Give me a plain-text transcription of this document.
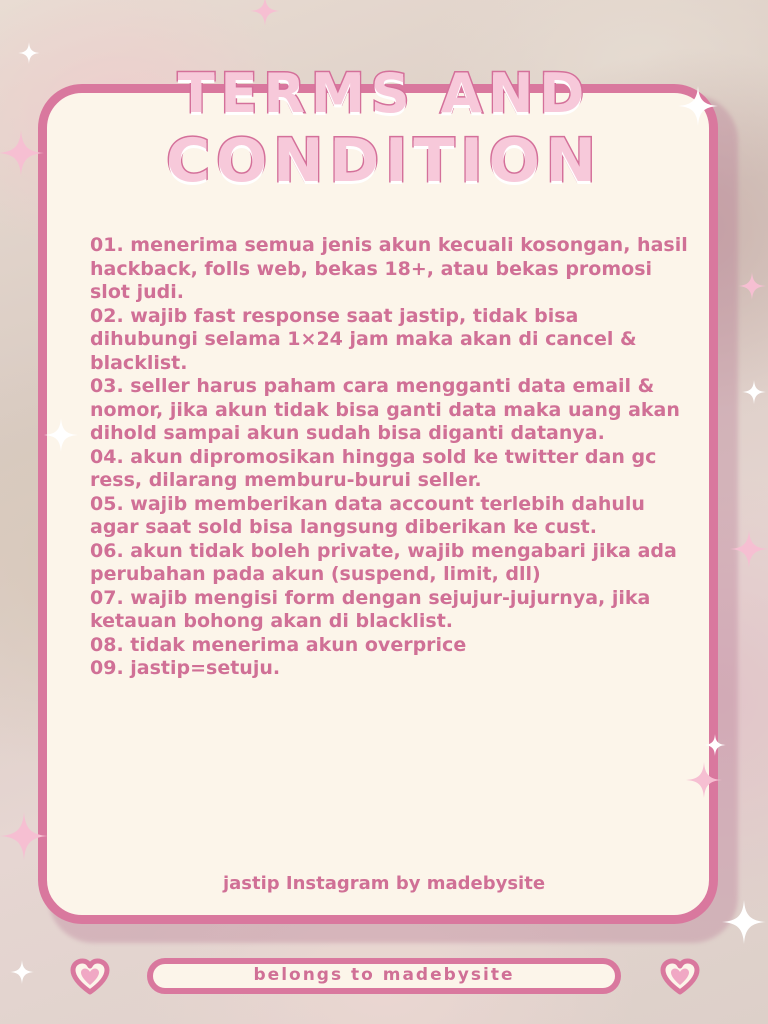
TERMS AND
CONDITION
01. menerima semua jenis akun kecuali kosongan, hasil hackback, folls web, bekas 18+, atau bekas promosi slot judi.
02. wajib fast response saat jastip, tidak bisa dihubungi selama 1×24 jam maka akan di cancel & blacklist.
03. seller harus paham cara mengganti data email & nomor, jika akun tidak bisa ganti data maka uang akan dihold sampai akun sudah bisa diganti datanya.
04. akun dipromosikan hingga sold ke twitter dan gc ress, dilarang memburu-burui seller.
05. wajib memberikan data account terlebih dahulu agar saat sold bisa langsung diberikan ke cust.
06. akun tidak boleh private, wajib mengabari jika ada perubahan pada akun (suspend, limit, dll)
07. wajib mengisi form dengan sejujur-jujurnya, jika ketauan bohong akan di blacklist.
08. tidak menerima akun overprice
09. jastip=setuju.
jastip Instagram by madebysite
belongs to madebysite
